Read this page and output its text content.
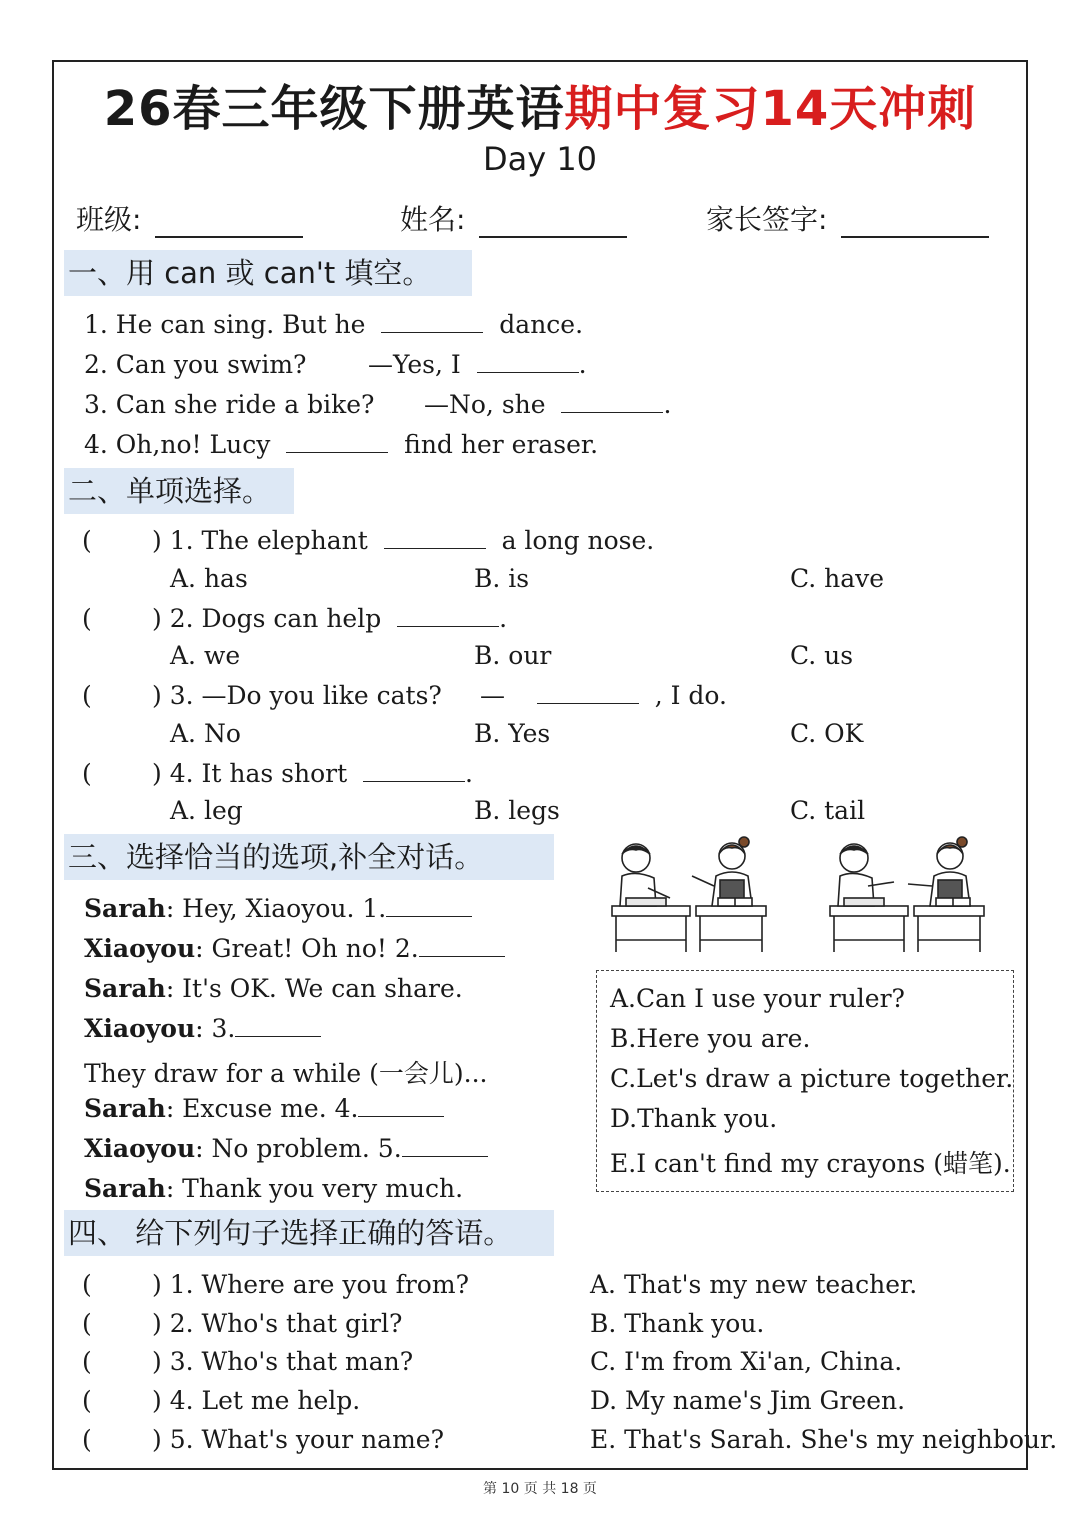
26春三年级下册英语期中复习14天冲刺
Day 10
班级:	姓名:	家长签字:
一、用 can 或 can't 填空。
1. He can sing. But he	dance.
2. Can you swim? —Yes, I	.
3. Can she ride a bike? —No, she	.
4. Oh,no! Lucy	find her eraser.
二、单项选择。
( ) 1. The elephant	a long nose.
A. has	B. is	C. have
( ) 2. Dogs can help	.
A. we	B. our	C. us
( ) 3. —Do you like cats? —	, I do.
A. No	B. Yes	C. OK
( ) 4. It has short	.
A. leg	B. legs	C. tail
三、选择恰当的选项,补全对话。
Sarah: Hey, Xiaoyou. 1.
Xiaoyou: Great! Oh no! 2.
Sarah: It's OK. We can share.
Xiaoyou: 3.
They draw for a while (一会儿)...
Sarah: Excuse me. 4.
Xiaoyou: No problem. 5.
Sarah: Thank you very much.
A.Can I use your ruler?
B.Here you are.
C.Let's draw a picture together.
D.Thank you.
E.I can't find my crayons (蜡笔).
四、 给下列句子选择正确的答语。
( ) 1. Where are you from?	A. That's my new teacher.
( ) 2. Who's that girl?	B. Thank you.
( ) 3. Who's that man?	C. I'm from Xi'an, China.
( ) 4. Let me help.	D. My name's Jim Green.
( ) 5. What's your name?	E. That's Sarah. She's my neighbour.
第 10 页 共 18 页
